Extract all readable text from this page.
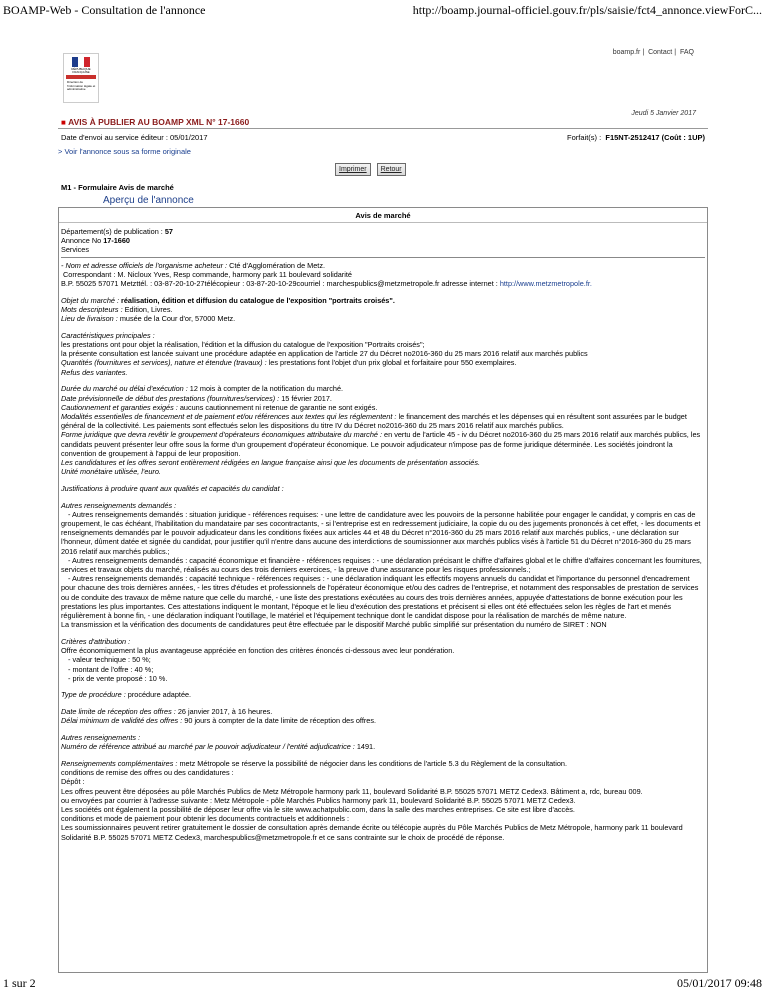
BOAMP-Web - Consultation de l'annonce	http://boamp.journal-officiel.gouv.fr/pls/saisie/fct4_annonce.viewForC...
boamp.fr | Contact | FAQ
RÉPUBLIQUE FRANÇAISE
Direction de l'information légale et administrative
Jeudi 5 Janvier 2017
■ AVIS À PUBLIER AU BOAMP XML N° 17-1660
Date d'envoi au service éditeur : 05/01/2017	Forfait(s) : F15NT-2512417 (Coût : 1UP)
> Voir l'annonce sous sa forme originale
Imprimer	Retour
M1 - Formulaire Avis de marché
Aperçu de l'annonce
Avis de marché
Département(s) de publication : 57
Annonce No 17-1660
Services

- Nom et adresse officiels de l'organisme acheteur : Cté d'Agglomération de Metz.
Correspondant : M. Nicloux Yves, Resp commande, harmony park 11 boulevard solidarité
B.P. 55025 57071 Metzttél. : 03-87-20-10-27télécopieur : 03-87-20-10-29courriel : marchespublics@metzmetropole.fr adresse internet : http://www.metzmetropole.fr.

Objet du marché : réalisation, édition et diffusion du catalogue de l'exposition "portraits croisés".
Mots descripteurs : Edition, Livres.
Lieu de livraison : musée de la Cour d'or, 57000 Metz.

Caractéristiques principales :
les prestations ont pour objet la réalisation, l'édition et la diffusion du catalogue de l'exposition "Portraits croisés";
la présente consultation est lancée suivant une procédure adaptée en application de l'article 27 du Décret no2016-360 du 25 mars 2016 relatif aux marchés publics
Quantités (fournitures et services), nature et étendue (travaux) : les prestations font l'objet d'un prix global et forfaitaire pour 550 exemplaires.
Refus des variantes.

Durée du marché ou délai d'exécution : 12 mois à compter de la notification du marché.
Date prévisionnelle de début des prestations (fournitures/services) : 15 février 2017.
Cautionnement et garanties exigés : aucuns cautionnement ni retenue de garantie ne sont exigés.
Modalités essentielles de financement et de paiement et/ou références aux textes qui les réglementent : le financement des marchés et les dépenses qui en résultent sont assurées par le budget général de la collectivité. Les paiements sont effectués selon les dispositions du titre IV du Décret no2016-360 du 25 mars 2016 relatif aux marchés publics.
Forme juridique que devra revêtir le groupement d'opérateurs économiques attributaire du marché : en vertu de l'article 45 - iv du Décret no2016-360 du 25 mars 2016 relatif aux marchés publics, les candidats peuvent présenter leur offre sous la forme d'un groupement d'opérateur économique. Le pouvoir adjudicateur n'impose pas de forme juridique déterminée. Les sociétés joindront la convention de groupement à l'appui de leur proposition.
Les candidatures et les offres seront entièrement rédigées en langue française ainsi que les documents de présentation associés.
Unité monétaire utilisée, l'euro.

Justifications à produire quant aux qualités et capacités du candidat :

Autres renseignements demandés :
- Autres renseignements demandés : situation juridique - références requises: - une lettre de candidature avec les pouvoirs de la personne habilitée pour engager le candidat, y compris en cas de groupement, le cas échéant, l'habilitation du mandataire par ses cocontractants, - si l'entreprise est en redressement judiciaire, la copie du ou des jugements prononcés à cet effet, - les documents et renseignements demandés par le pouvoir adjudicateur dans les conditions fixées aux articles 44 et 48 du Décret n°2016-360 du 25 mars 2016 relatif aux marchés publics, - une déclaration sur l'honneur, dûment datée et signée du candidat, pour justifier qu'il n'entre dans aucune des interdictions de soumissionner aux marchés publics visés à l'article 51 du Décret n°2016-360 du 25 mars 2016 relatif aux marchés publics.;
- Autres renseignements demandés : capacité économique et financière - références requises : - une déclaration précisant le chiffre d'affaires global et le chiffre d'affaires concernant les fournitures, services et travaux objets du marché, réalisés au cours des trois derniers exercices, - la preuve d'une assurance pour les risques professionnels.;
- Autres renseignements demandés : capacité technique - références requises : - une déclaration indiquant les effectifs moyens annuels du candidat et l'importance du personnel d'encadrement pour chacune des trois dernières années, - les titres d'études et professionnels de l'opérateur économique et/ou des cadres de l'entreprise, et notamment des responsables de prestation de services ou de conduite des travaux de même nature que celle du marché, - une liste des prestations exécutées au cours des trois dernières années, appuyée d'attestations de bonne exécution pour les prestations les plus importantes. Ces attestations indiquent le montant, l'époque et le lieu d'exécution des prestations et précisent si elles ont été effectuées selon les règles de l'art et menés régulièrement à bonne fin, - une déclaration indiquant l'outillage, le matériel et l'équipement technique dont le candidat dispose pour la réalisation de marchés de même nature.
La transmission et la vérification des documents de candidatures peut être effectuée par le dispositif Marché public simplifié sur présentation du numéro de SIRET : NON

Critères d'attribution :
Offre économiquement la plus avantageuse appréciée en fonction des critères énoncés ci-dessous avec leur pondération.
- valeur technique : 50 %;
- montant de l'offre : 40 %;
- prix de vente proposé : 10 %.

Type de procédure : procédure adaptée.

Date limite de réception des offres : 26 janvier 2017, à 16 heures.
Délai minimum de validité des offres : 90 jours à compter de la date limite de réception des offres.

Autres renseignements :
Numéro de référence attribué au marché par le pouvoir adjudicateur / l'entité adjudicatrice : 1491.

Renseignements complémentaires : metz Métropole se réserve la possibilité de négocier dans les conditions de l'article 5.3 du Règlement de la consultation.
conditions de remise des offres ou des candidatures :
Dépôt :
Les offres peuvent être déposées au pôle Marchés Publics de Metz Métropole harmony park 11, boulevard Solidarité B.P. 55025 57071 METZ Cedex3. Bâtiment a, rdc, bureau 009.
ou envoyées par courrier à l'adresse suivante : Metz Métropole - pôle Marchés Publics harmony park 11, boulevard Solidarité B.P. 55025 57071 METZ Cedex3.
Les sociétés ont également la possibilité de déposer leur offre via le site www.achatpublic.com, dans la salle des marches entreprises. Ce site est libre d'accès.
conditions et mode de paiement pour obtenir les documents contractuels et additionnels :
Les soumissionnaires peuvent retirer gratuitement le dossier de consultation après demande écrite ou télécopie auprès du Pôle Marchés Publics de Metz Métropole, harmony park 11 boulevard Solidarité B.P. 55025 57071 METZ Cedex3, marchespublics@metzmetropole.fr et ce sans contrainte sur le choix de procédé de réponse.

1 sur 2	05/01/2017 09:48
